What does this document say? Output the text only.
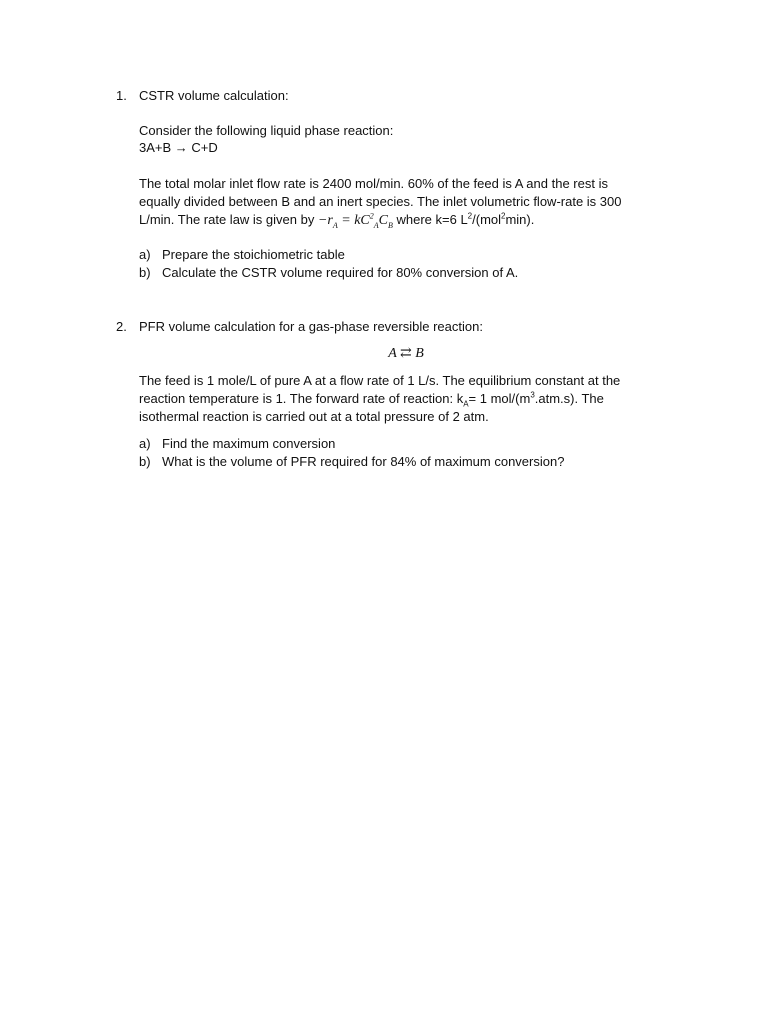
1. CSTR volume calculation:
Consider the following liquid phase reaction:
3A+B → C+D
The total molar inlet flow rate is 2400 mol/min. 60% of the feed is A and the rest is
equally divided between B and an inert species. The inlet volumetric flow-rate is 300
L/min. The rate law is given by $-r_A = kC^2_AC_B$ where k=6 $L^2/(mol^2\min)$.
a) Prepare the stoichiometric table
b) Calculate the CSTR volume required for 80% conversion of A.
2. PFR volume calculation for a gas-phase reversible reaction:
A ⇄ B
The feed is 1 mole/L of pure A at a flow rate of 1 L/s. The equilibrium constant at the
reaction temperature is 1. The forward rate of reaction: $k_A= 1$ mol/$(m^3.atm.s)$. The
isothermal reaction is carried out at a total pressure of 2 atm.
a) Find the maximum conversion
b) What is the volume of PFR required for 84% of maximum conversion?
